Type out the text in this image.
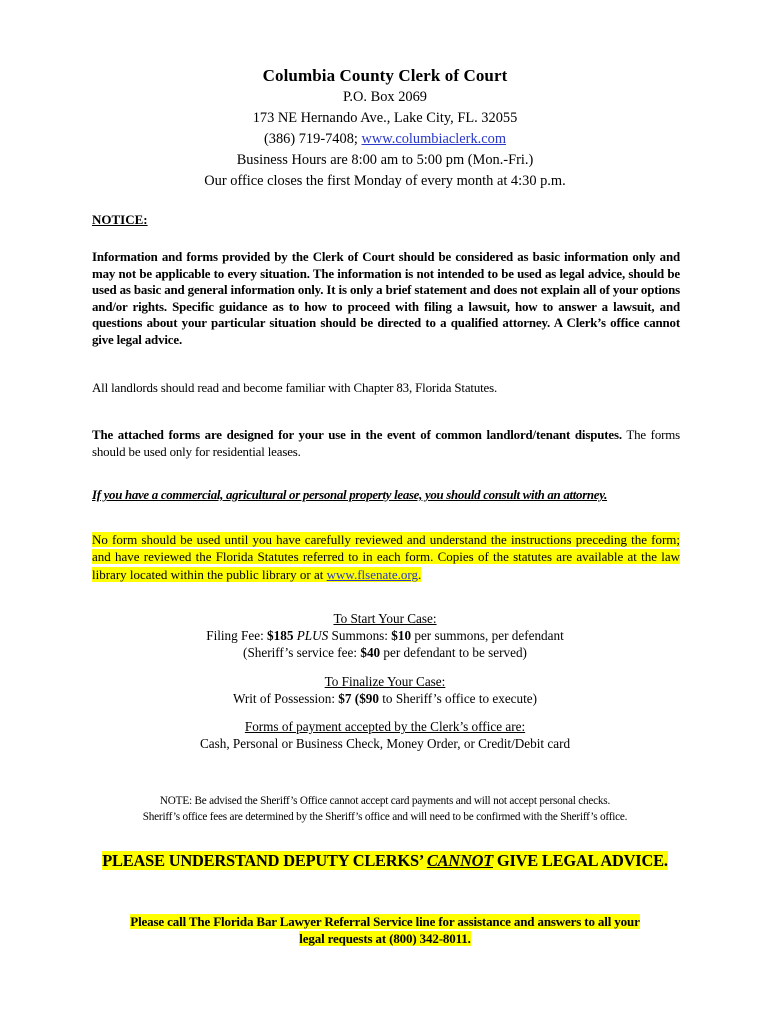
Columbia County Clerk of Court
P.O. Box 2069
173 NE Hernando Ave., Lake City, FL. 32055
(386) 719-7408; www.columbiaclerk.com
Business Hours are 8:00 am to 5:00 pm (Mon.-Fri.)
Our office closes the first Monday of every month at 4:30 p.m.
NOTICE:
Information and forms provided by the Clerk of Court should be considered as basic information only and may not be applicable to every situation. The information is not intended to be used as legal advice, should be used as basic and general information only. It is only a brief statement and does not explain all of your options and/or rights. Specific guidance as to how to proceed with filing a lawsuit, how to answer a lawsuit, and questions about your particular situation should be directed to a qualified attorney. A Clerk’s office cannot give legal advice.
All landlords should read and become familiar with Chapter 83, Florida Statutes.
The attached forms are designed for your use in the event of common landlord/tenant disputes. The forms should be used only for residential leases.
If you have a commercial, agricultural or personal property lease, you should consult with an attorney.
No form should be used until you have carefully reviewed and understand the instructions preceding the form; and have reviewed the Florida Statutes referred to in each form. Copies of the statutes are available at the law library located within the public library or at www.flsenate.org.
To Start Your Case:
Filing Fee: $185 PLUS Summons: $10 per summons, per defendant
(Sheriff’s service fee: $40 per defendant to be served)
To Finalize Your Case:
Writ of Possession: $7 ($90 to Sheriff’s office to execute)
Forms of payment accepted by the Clerk’s office are:
Cash, Personal or Business Check, Money Order, or Credit/Debit card
NOTE: Be advised the Sheriff’s Office cannot accept card payments and will not accept personal checks.
Sheriff’s office fees are determined by the Sheriff’s office and will need to be confirmed with the Sheriff’s office.
PLEASE UNDERSTAND DEPUTY CLERKS’ CANNOT GIVE LEGAL ADVICE.
Please call The Florida Bar Lawyer Referral Service line for assistance and answers to all your
legal requests at (800) 342-8011.
